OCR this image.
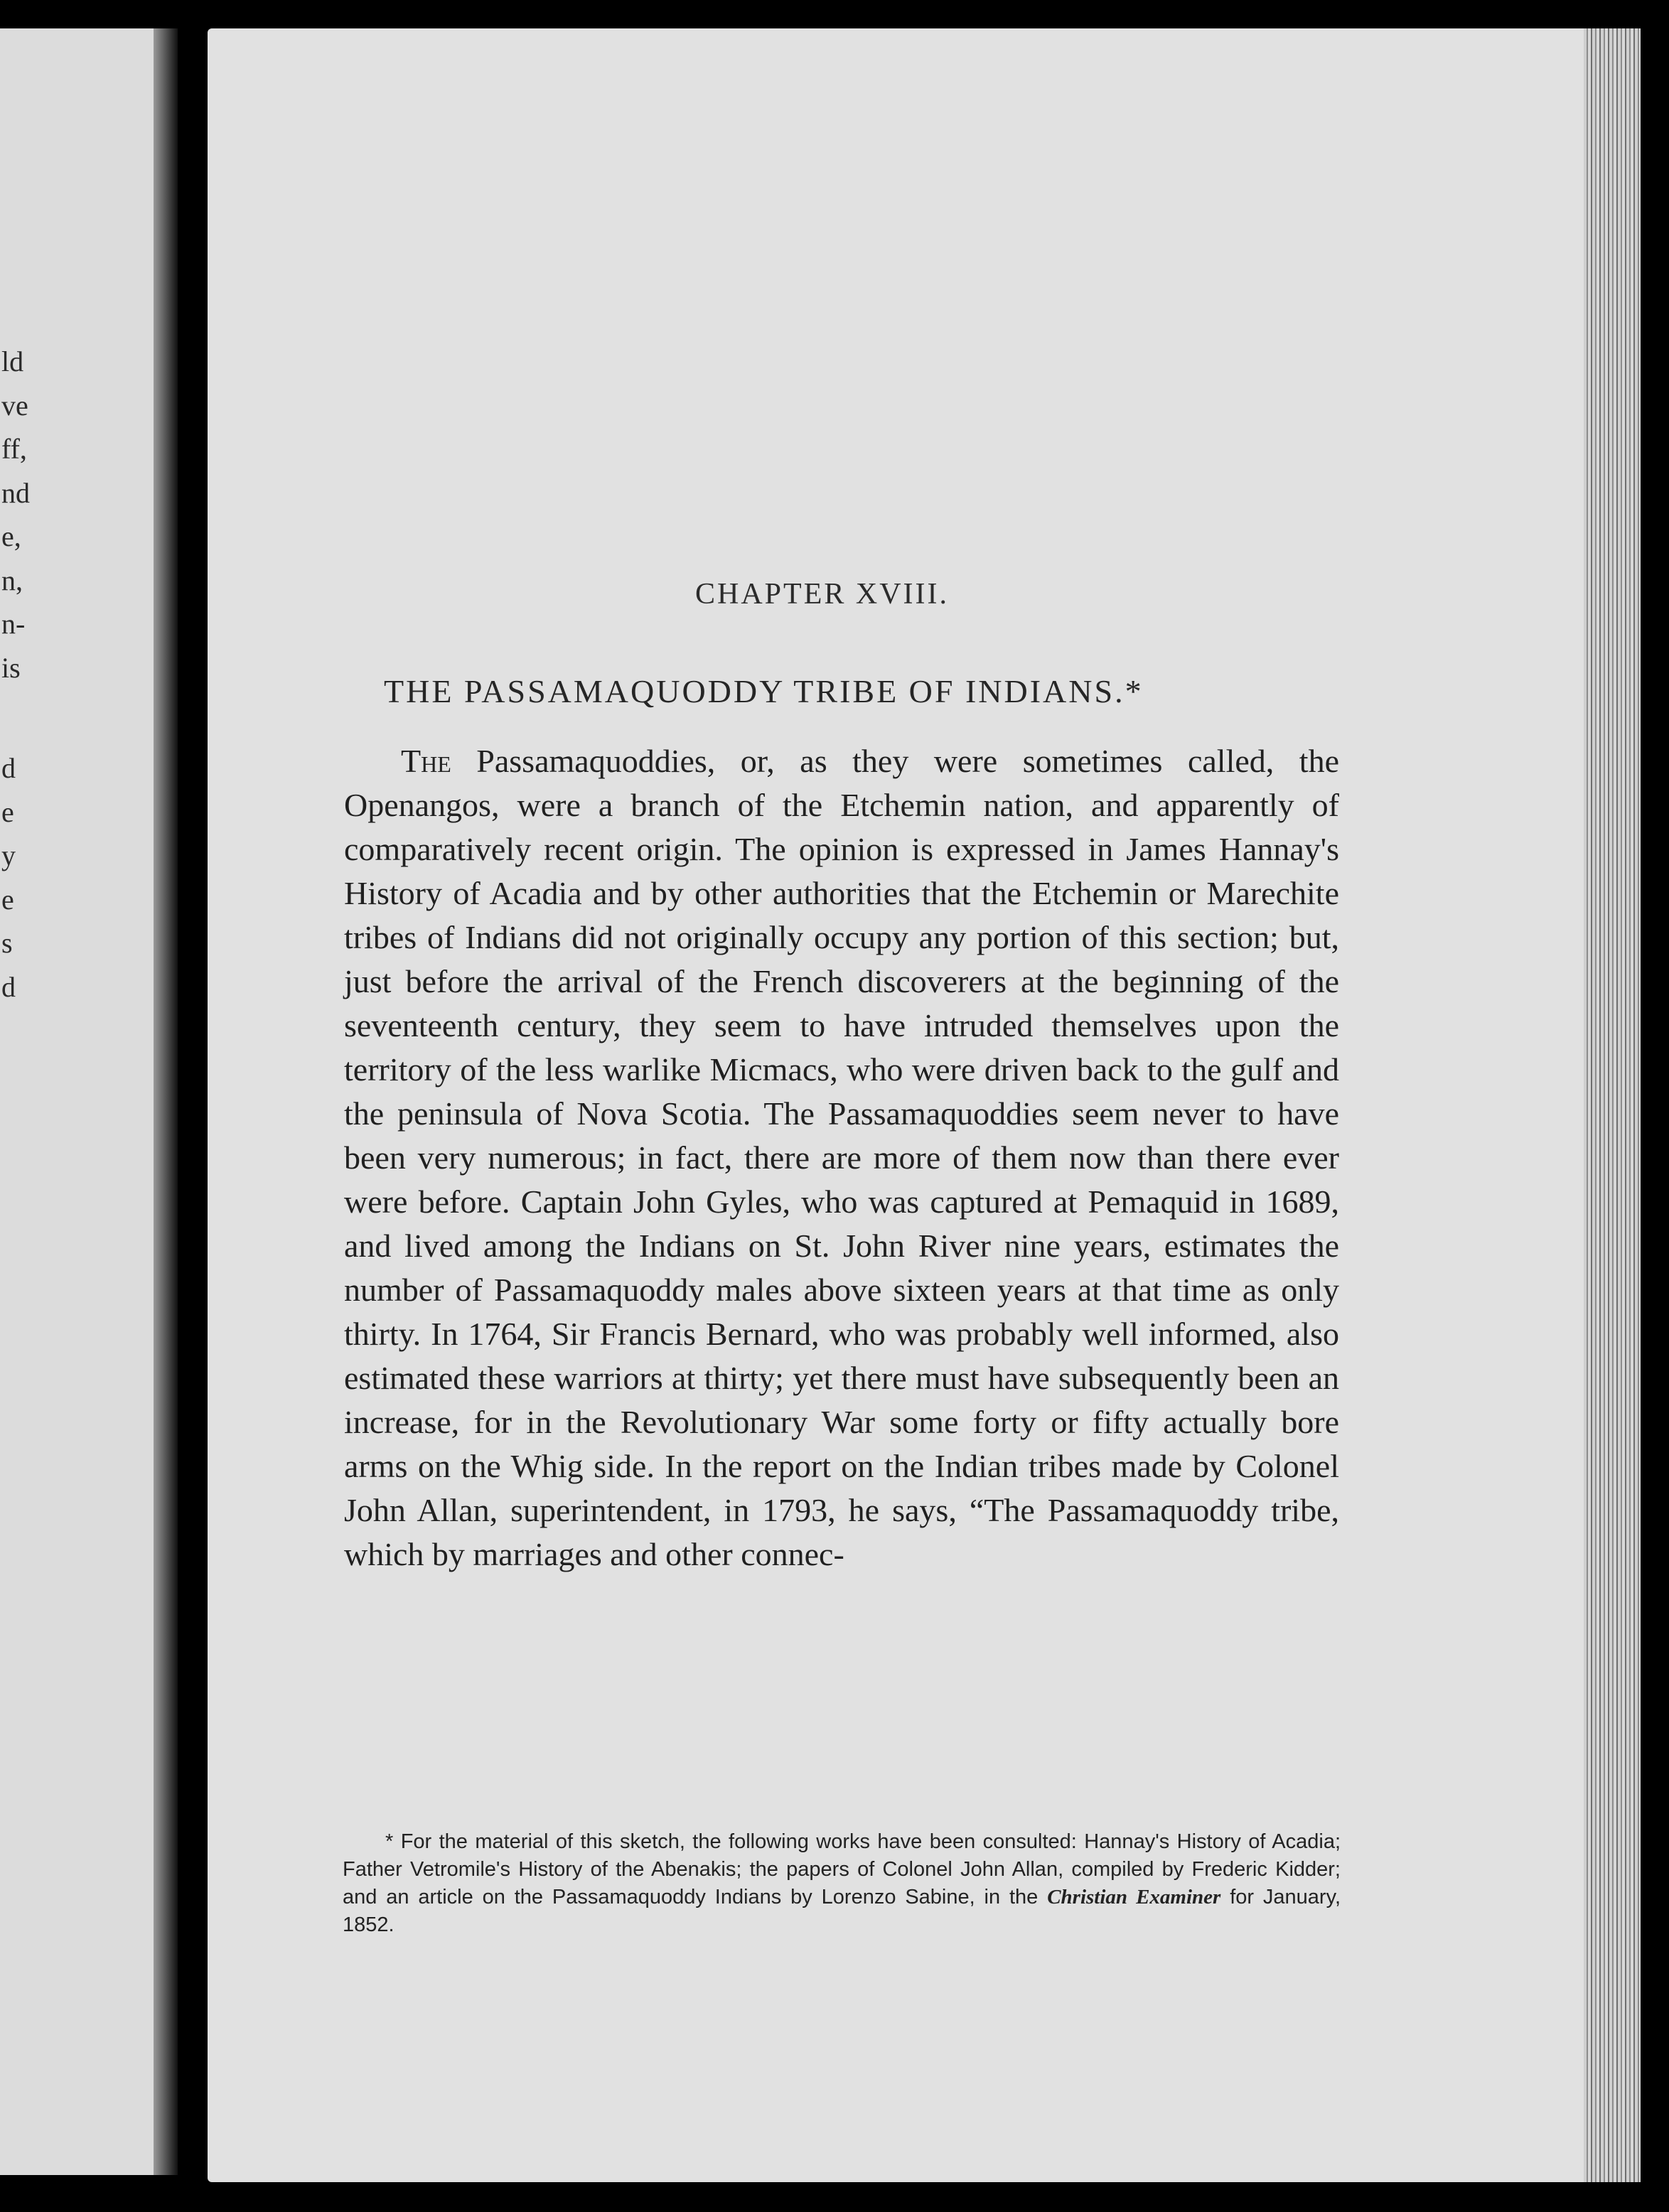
ld
ve
ff,
nd
e,
n,
n-
is
d
e
y
e
s
d
CHAPTER XVIII.
THE PASSAMAQUODDY TRIBE OF INDIANS.*
The Passamaquoddies, or, as they were sometimes called, the Openangos, were a branch of the Etchemin nation, and apparently of comparatively recent origin. The opinion is expressed in James Hannay's History of Acadia and by other authorities that the Etchemin or Marechite tribes of Indians did not originally occupy any portion of this section; but, just before the arrival of the French discoverers at the beginning of the seventeenth century, they seem to have intruded themselves upon the territory of the less warlike Micmacs, who were driven back to the gulf and the peninsula of Nova Scotia. The Passamaquoddies seem never to have been very numerous; in fact, there are more of them now than there ever were before. Captain John Gyles, who was captured at Pemaquid in 1689, and lived among the Indians on St. John River nine years, estimates the number of Passamaquoddy males above sixteen years at that time as only thirty. In 1764, Sir Francis Bernard, who was probably well informed, also estimated these warriors at thirty; yet there must have subsequently been an increase, for in the Revolutionary War some forty or fifty actually bore arms on the Whig side. In the report on the Indian tribes made by Colonel John Allan, superintendent, in 1793, he says, “The Passamaquoddy tribe, which by marriages and other connec-
* For the material of this sketch, the following works have been consulted: Hannay's History of Acadia; Father Vetromile's History of the Abenakis; the papers of Colonel John Allan, compiled by Frederic Kidder; and an article on the Passamaquoddy Indians by Lorenzo Sabine, in the Christian Examiner for January, 1852.
